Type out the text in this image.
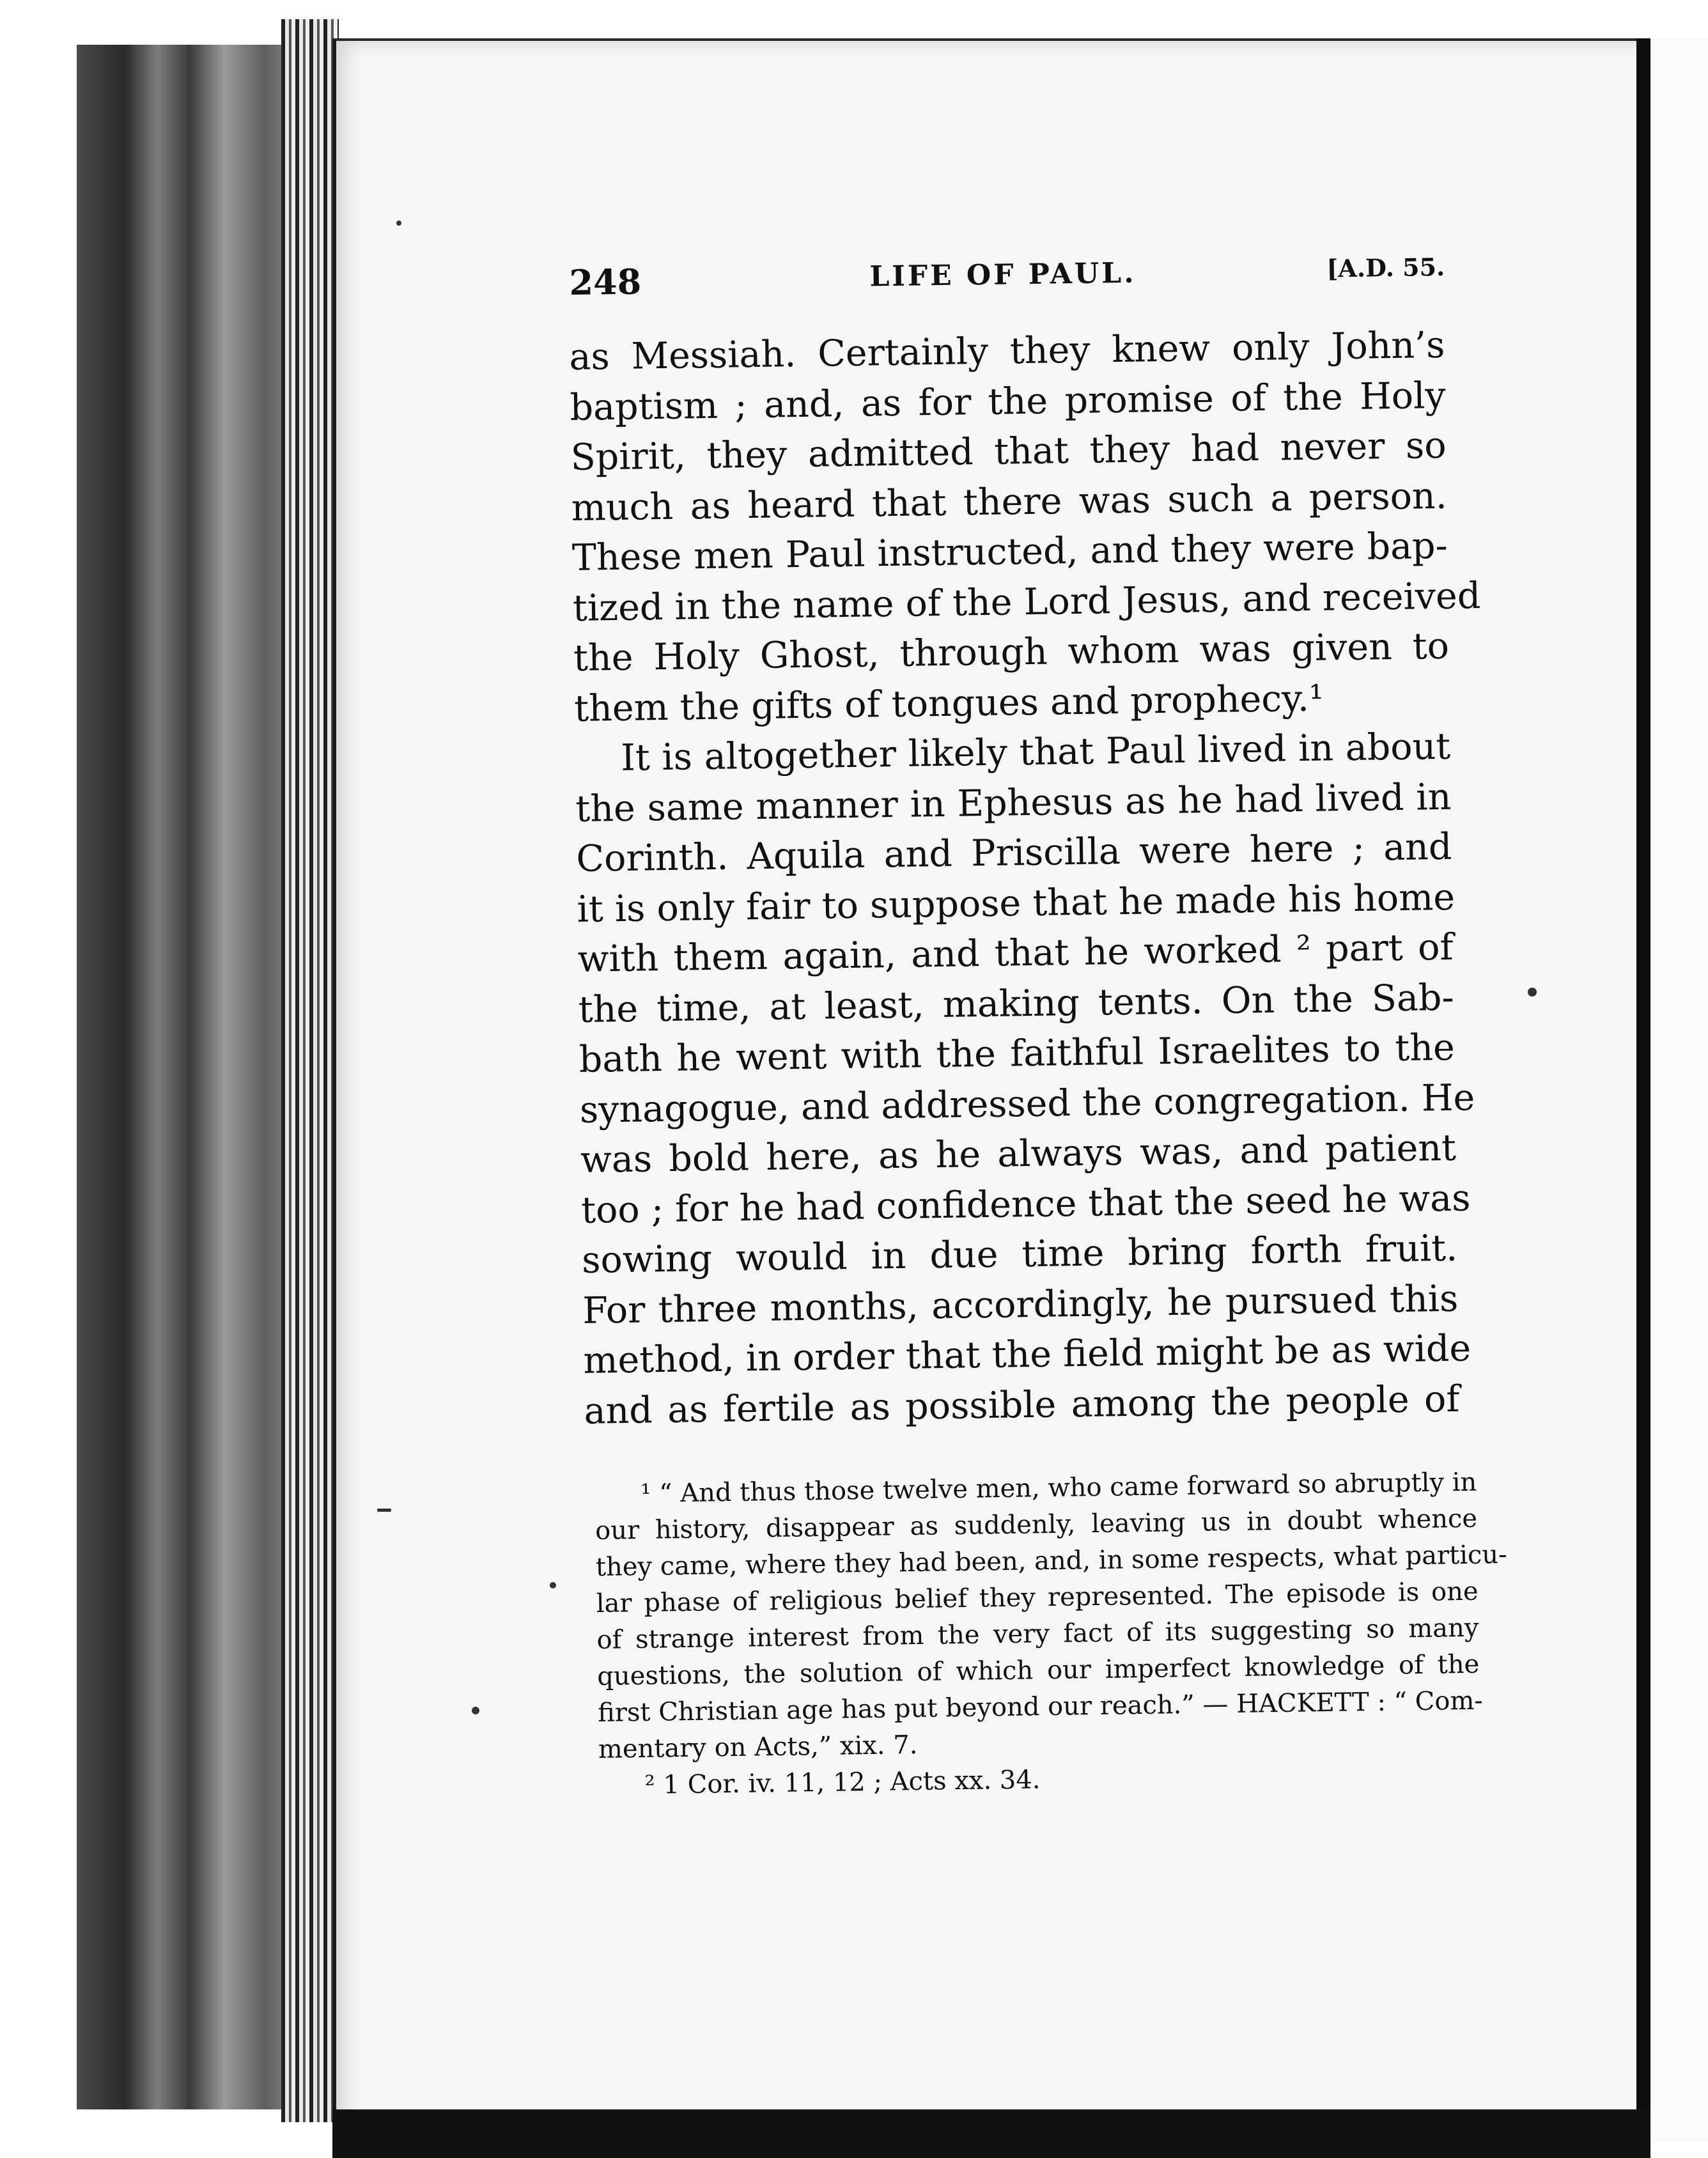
248	LIFE OF PAUL.	[A.D. 55.
as Messiah. Certainly they knew only John’s
baptism ; and, as for the promise of the Holy
Spirit, they admitted that they had never so
much as heard that there was such a person.
These men Paul instructed, and they were bap-
tized in the name of the Lord Jesus, and received
the Holy Ghost, through whom was given to
them the gifts of tongues and prophecy.¹
It is altogether likely that Paul lived in about
the same manner in Ephesus as he had lived in
Corinth. Aquila and Priscilla were here ; and
it is only fair to suppose that he made his home
with them again, and that he worked ² part of
the time, at least, making tents. On the Sab-
bath he went with the faithful Israelites to the
synagogue, and addressed the congregation. He
was bold here, as he always was, and patient
too ; for he had confidence that the seed he was
sowing would in due time bring forth fruit.
For three months, accordingly, he pursued this
method, in order that the field might be as wide
and as fertile as possible among the people of
¹ “ And thus those twelve men, who came forward so abruptly in
our history, disappear as suddenly, leaving us in doubt whence
they came, where they had been, and, in some respects, what particu-
lar phase of religious belief they represented. The episode is one
of strange interest from the very fact of its suggesting so many
questions, the solution of which our imperfect knowledge of the
first Christian age has put beyond our reach.” — HACKETT : “ Com-
mentary on Acts,” xix. 7.
² 1 Cor. iv. 11, 12 ; Acts xx. 34.
